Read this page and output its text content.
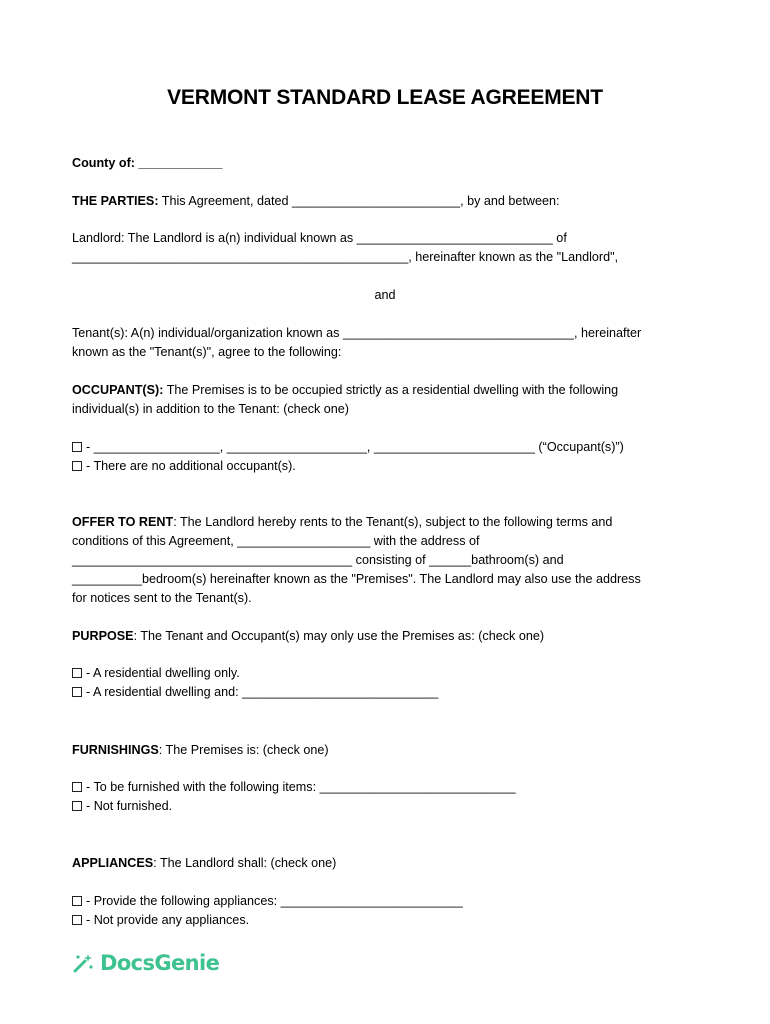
VERMONT STANDARD LEASE AGREEMENT
County of: ____________
THE PARTIES: This Agreement, dated ________________________, by and between:
Landlord: The Landlord is a(n) individual known as ____________________________ of
________________________________________________, hereinafter known as the "Landlord",
and
Tenant(s): A(n) individual/organization known as _________________________________, hereinafter
known as the "Tenant(s)", agree to the following:
OCCUPANT(S): The Premises is to be occupied strictly as a residential dwelling with the following
individual(s) in addition to the Tenant: (check one)
- __________________, ____________________, _______________________ (“Occupant(s)”)
- There are no additional occupant(s).
OFFER TO RENT: The Landlord hereby rents to the Tenant(s), subject to the following terms and
conditions of this Agreement, ___________________ with the address of
________________________________________ consisting of ______bathroom(s) and
__________bedroom(s) hereinafter known as the "Premises". The Landlord may also use the address
for notices sent to the Tenant(s).
PURPOSE: The Tenant and Occupant(s) may only use the Premises as: (check one)
- A residential dwelling only.
- A residential dwelling and: ____________________________
FURNISHINGS: The Premises is: (check one)
- To be furnished with the following items: ____________________________
- Not furnished.
APPLIANCES: The Landlord shall: (check one)
- Provide the following appliances: __________________________
- Not provide any appliances.
DocsGenie
